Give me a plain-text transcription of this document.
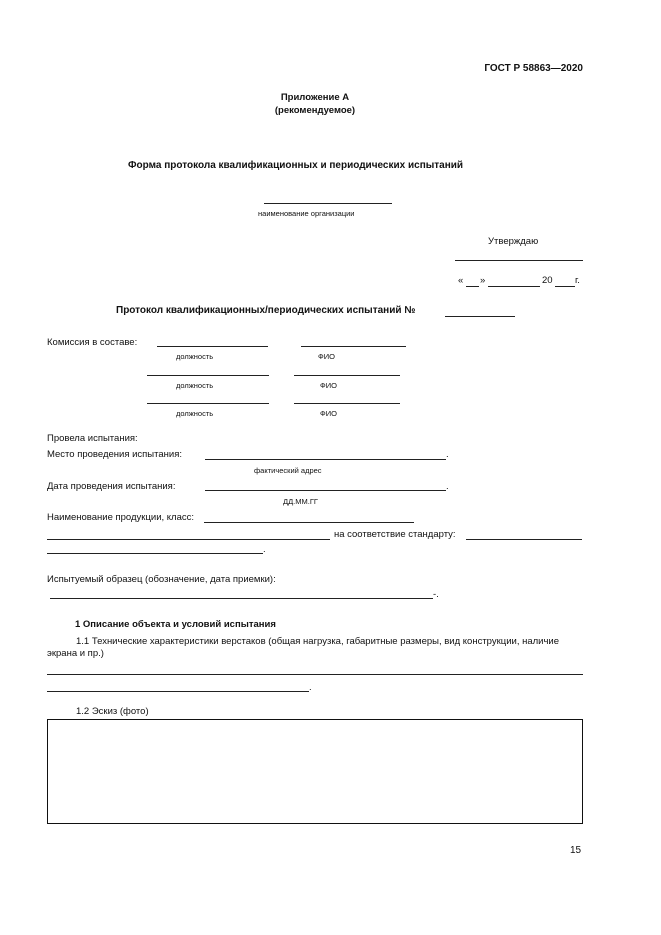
ГОСТ Р 58863—2020
Приложение А
(рекомендуемое)
Форма протокола квалификационных и периодических испытаний
наименование организации
Утверждаю
« »	20 г.
Протокол квалификационных/периодических испытаний №
Комиссия в составе:
должность	ФИО
должность	ФИО
должность	ФИО
Провела испытания:
Место проведения испытания:	.
фактический адрес
Дата проведения испытания:	.
ДД.ММ.ГГ
Наименование продукции, класс:
на соответствие стандарту:
.
Испытуемый образец (обозначение, дата приемки):
-.
1 Описание объекта и условий испытания
1.1 Технические характеристики верстаков (общая нагрузка, габаритные размеры, вид конструкции, наличие
экрана и пр.)
.
1.2 Эскиз (фото)
15
